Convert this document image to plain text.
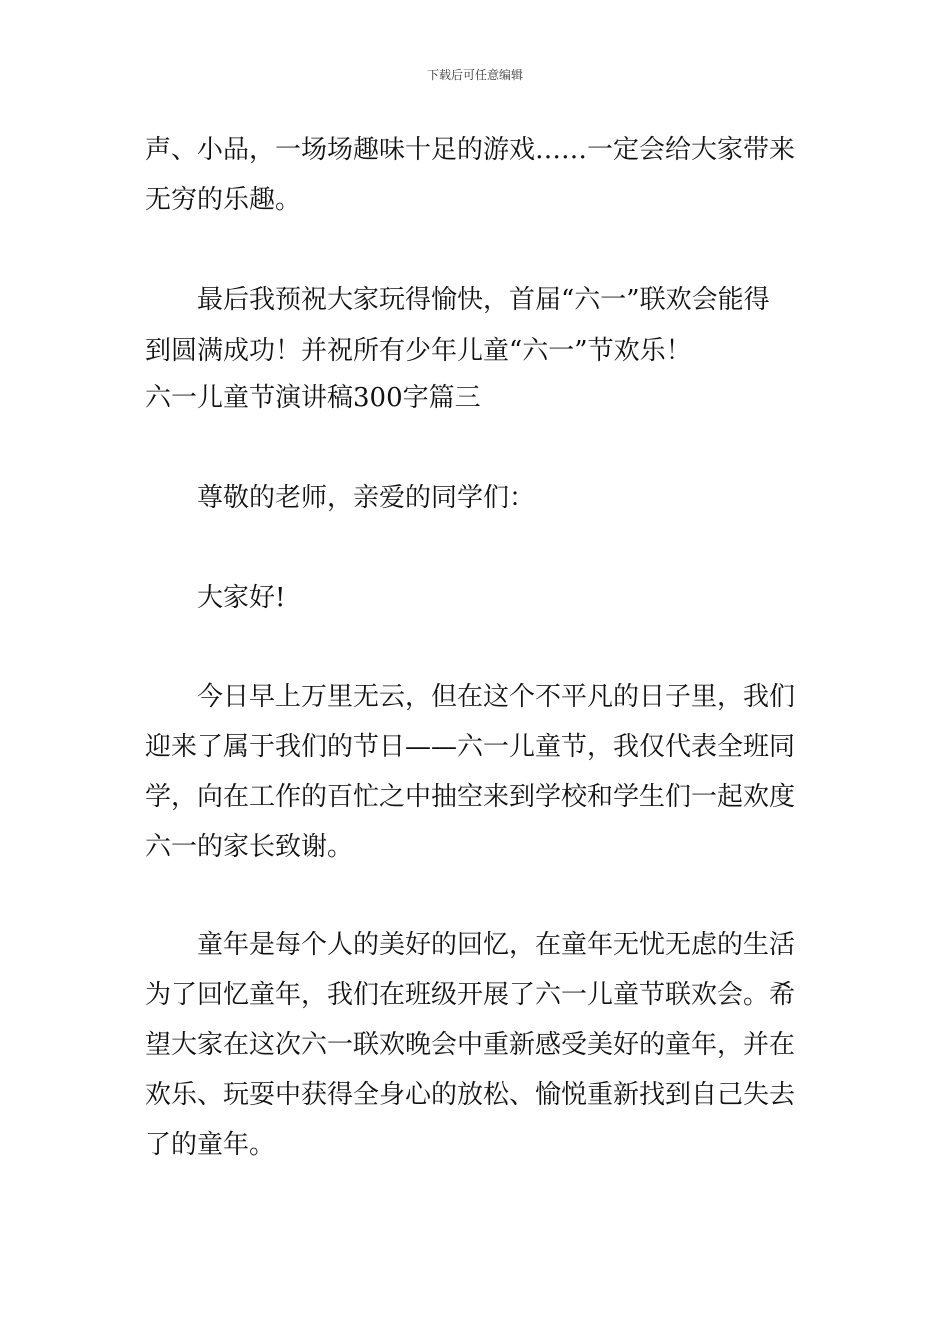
下载后可任意编辑
声、小品，一场场趣味十足的游戏……一定会给大家带来
无穷的乐趣。
最后我预祝大家玩得愉快，首届“六一”联欢会能得
到圆满成功！并祝所有少年儿童“六一”节欢乐！
六一儿童节演讲稿300字篇三
尊敬的老师，亲爱的同学们：
大家好!
今日早上万里无云，但在这个不平凡的日子里，我们
迎来了属于我们的节日——六一儿童节，我仅代表全班同
学，向在工作的百忙之中抽空来到学校和学生们一起欢度
六一的家长致谢。
童年是每个人的美好的回忆，在童年无忧无虑的生活
为了回忆童年，我们在班级开展了六一儿童节联欢会。希
望大家在这次六一联欢晚会中重新感受美好的童年，并在
欢乐、玩耍中获得全身心的放松、愉悦重新找到自己失去
了的童年。
